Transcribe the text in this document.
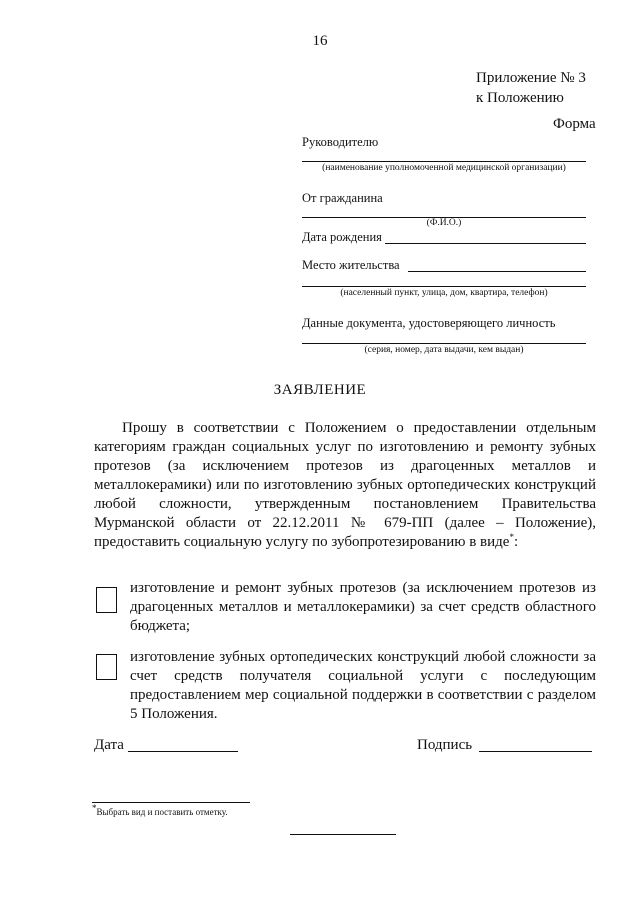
16
Приложение № 3
к Положению
Форма
Руководителю
(наименование уполномоченной медицинской организации)
От гражданина
(Ф.И.О.)
Дата рождения
Место жительства
(населенный пункт, улица, дом, квартира, телефон)
Данные документа, удостоверяющего личность
(серия, номер, дата выдачи, кем выдан)
ЗАЯВЛЕНИЕ

Прошу в соответствии с Положением о предоставлении отдельным категориям граждан социальных услуг по изготовлению и ремонту зубных протезов (за исключением протезов из драгоценных металлов и металлокерамики) или по изготовлению зубных ортопедических конструкций любой сложности, утвержденным постановлением Правительства Мурманской области от 22.12.2011 № 679-ПП (далее – Положение), предоставить социальную услугу по зубопротезированию в виде*:

изготовление и ремонт зубных протезов (за исключением протезов из драгоценных металлов и металлокерамики) за счет средств областного бюджета;
изготовление зубных ортопедических конструкций любой сложности за счет средств получателя социальной услуги с последующим предоставлением мер социальной поддержки в соответствии с разделом 5 Положения.
Дата	Подпись
*Выбрать вид и поставить отметку.
